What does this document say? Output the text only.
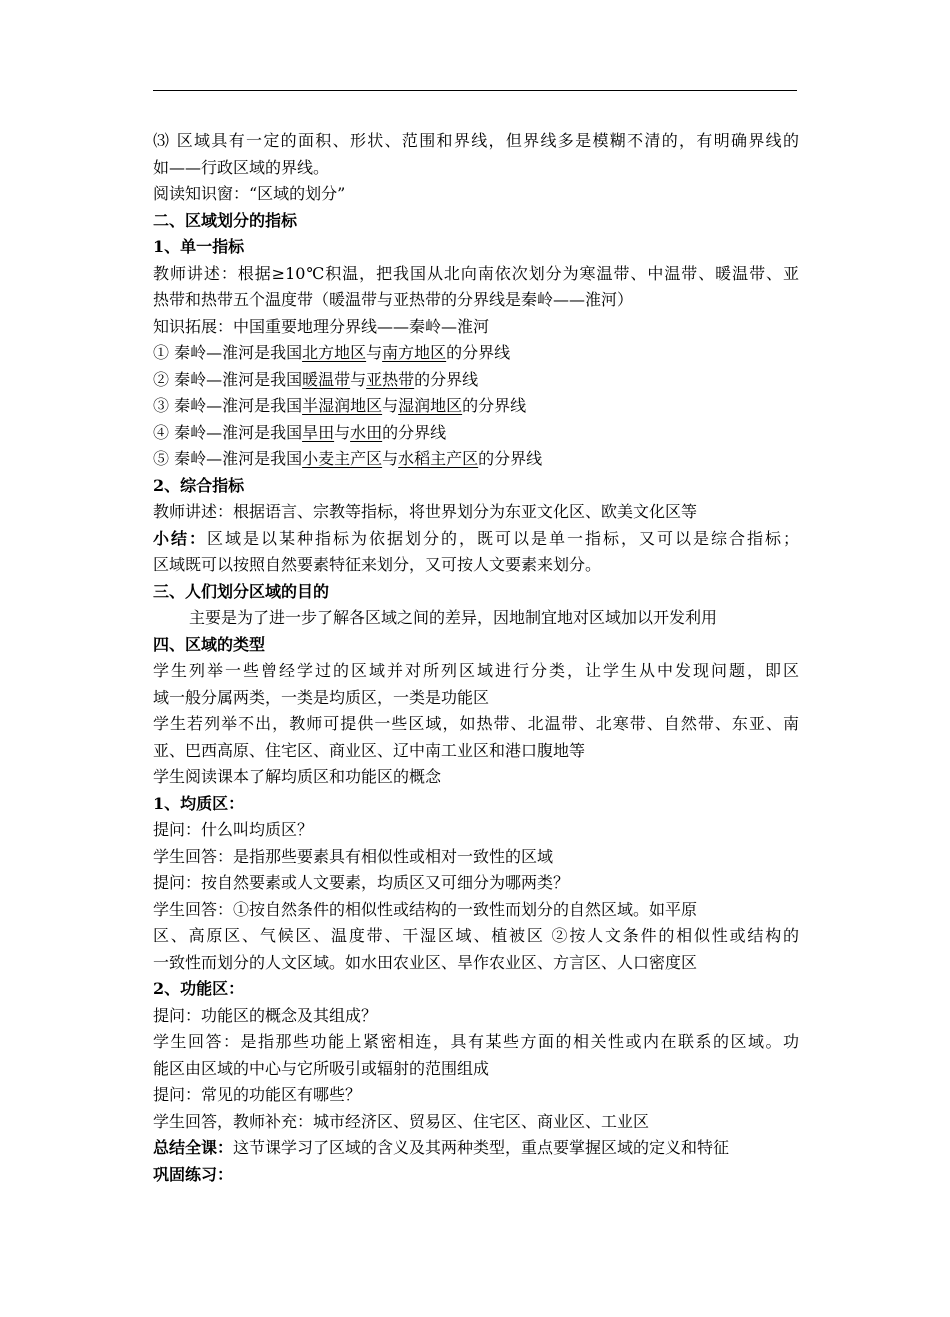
⑶ 区域具有一定的面积、形状、范围和界线，但界线多是模糊不清的，有明确界线的
如——行政区域的界线。
阅读知识窗：“区域的划分”
二、区域划分的指标
1、单一指标
教师讲述：根据≥10℃积温，把我国从北向南依次划分为寒温带、中温带、暖温带、亚
热带和热带五个温度带（暖温带与亚热带的分界线是秦岭——淮河）
知识拓展：中国重要地理分界线——秦岭—淮河
① 秦岭—淮河是我国北方地区与南方地区的分界线
② 秦岭—淮河是我国暖温带与亚热带的分界线
③ 秦岭—淮河是我国半湿润地区与湿润地区的分界线
④ 秦岭—淮河是我国旱田与水田的分界线
⑤ 秦岭—淮河是我国小麦主产区与水稻主产区的分界线
2、综合指标
教师讲述：根据语言、宗教等指标，将世界划分为东亚文化区、欧美文化区等
小结：区域是以某种指标为依据划分的，既可以是单一指标，又可以是综合指标；
区域既可以按照自然要素特征来划分，又可按人文要素来划分。
三、人们划分区域的目的
主要是为了进一步了解各区域之间的差异，因地制宜地对区域加以开发利用
四、区域的类型
学生列举一些曾经学过的区域并对所列区域进行分类，让学生从中发现问题，即区
域一般分属两类，一类是均质区，一类是功能区
学生若列举不出，教师可提供一些区域，如热带、北温带、北寒带、自然带、东亚、南
亚、巴西高原、住宅区、商业区、辽中南工业区和港口腹地等
学生阅读课本了解均质区和功能区的概念
1、均质区：
提问：什么叫均质区？
学生回答：是指那些要素具有相似性或相对一致性的区域
提问：按自然要素或人文要素，均质区又可细分为哪两类？
学生回答：①按自然条件的相似性或结构的一致性而划分的自然区域。如平原
区、高原区、气候区、温度带、干湿区域、植被区 ②按人文条件的相似性或结构的
一致性而划分的人文区域。如水田农业区、旱作农业区、方言区、人口密度区
2、功能区：
提问：功能区的概念及其组成？
学生回答：是指那些功能上紧密相连，具有某些方面的相关性或内在联系的区域。功
能区由区域的中心与它所吸引或辐射的范围组成
提问：常见的功能区有哪些？
学生回答，教师补充：城市经济区、贸易区、住宅区、商业区、工业区
总结全课：这节课学习了区域的含义及其两种类型，重点要掌握区域的定义和特征
巩固练习：
